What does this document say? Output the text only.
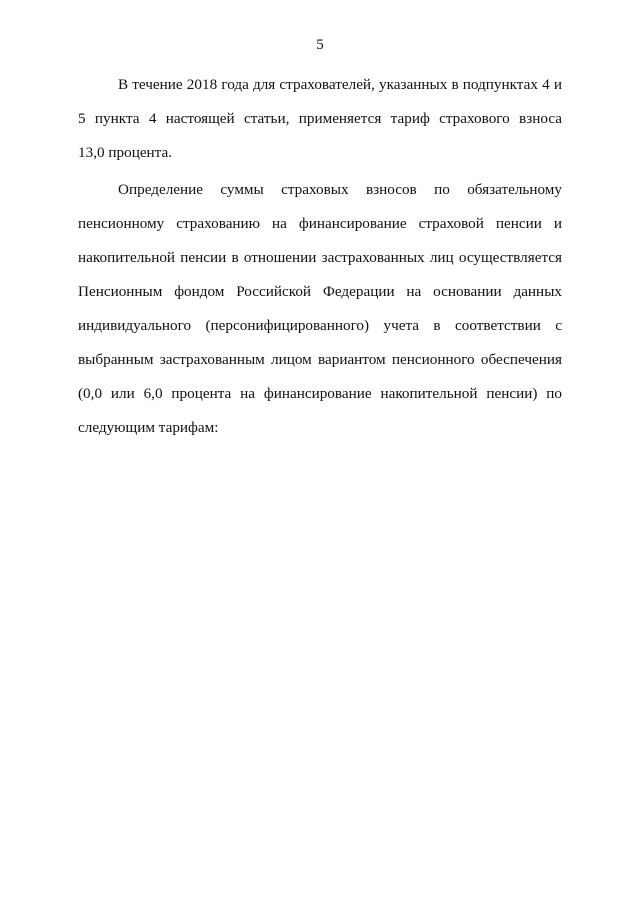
5
В течение 2018 года для страхователей, указанных в подпунктах 4 и
5 пункта 4 настоящей статьи, применяется тариф страхового взноса
13,0 процента.
Определение суммы страховых взносов по обязательному
пенсионному страхованию на финансирование страховой пенсии и
накопительной пенсии в отношении застрахованных лиц осуществляется
Пенсионным фондом Российской Федерации на основании данных
индивидуального (персонифицированного) учета в соответствии с
выбранным застрахованным лицом вариантом пенсионного обеспечения
(0,0 или 6,0 процента на финансирование накопительной пенсии) по
следующим тарифам:
